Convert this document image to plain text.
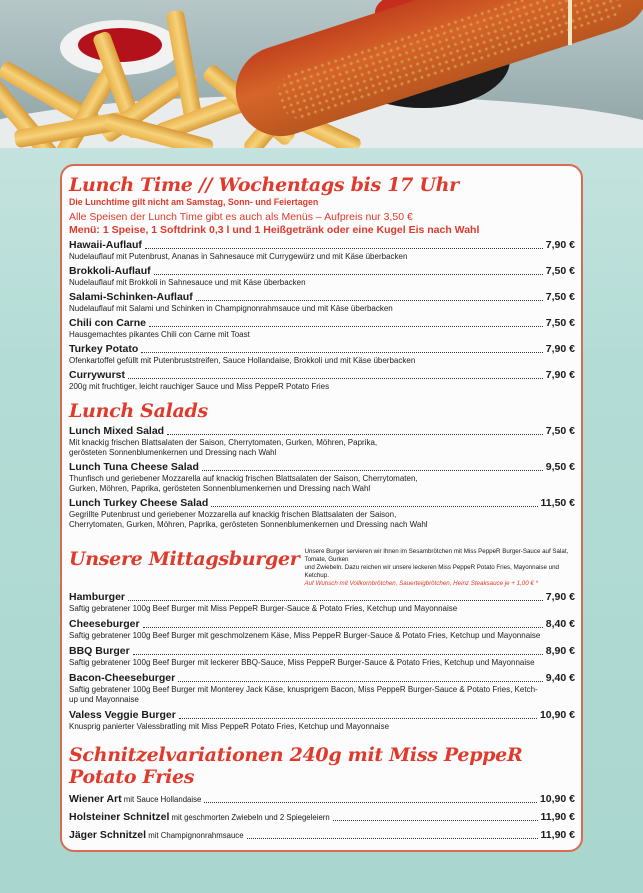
Lunch Time // Wochentags bis 17 Uhr
Die Lunchtime gilt nicht am Samstag, Sonn- und Feiertagen
Alle Speisen der Lunch Time gibt es auch als Menüs – Aufpreis nur 3,50 €
Menü: 1 Speise, 1 Softdrink 0,3 l und 1 Heißgetränk oder eine Kugel Eis nach Wahl
Hawaii-Auflauf	7,90 €
Nudelauflauf mit Putenbrust, Ananas in Sahnesauce mit Currygewürz und mit Käse überbacken
Brokkoli-Auflauf	7,50 €
Nudelauflauf mit Brokkoli in Sahnesauce und mit Käse überbacken
Salami-Schinken-Auflauf	7,50 €
Nudelauflauf mit Salami und Schinken in Champignonrahmsauce und mit Käse überbacken
Chili con Carne	7,50 €
Hausgemachtes pikantes Chili con Carne mit Toast
Turkey Potato	7,90 €
Ofenkartoffel gefüllt mit Putenbruststreifen, Sauce Hollandaise, Brokkoli und mit Käse überbacken
Currywurst	7,90 €
200g mit fruchtiger, leicht rauchiger Sauce und Miss PeppeR Potato Fries
Lunch Salads
Lunch Mixed Salad	7,50 €
Mit knackig frischen Blattsalaten der Saison, Cherrytomaten, Gurken, Möhren, Paprika,
gerösteten Sonnenblumenkernen und Dressing nach Wahl
Lunch Tuna Cheese Salad	9,50 €
Thunfisch und geriebener Mozzarella auf knackig frischen Blattsalaten der Saison, Cherrytomaten,
Gurken, Möhren, Paprika, gerösteten Sonnenblumenkernen und Dressing nach Wahl
Lunch Turkey Cheese Salad	11,50 €
Gegrillte Putenbrust und geriebener Mozzarella auf knackig frischen Blattsalaten der Saison,
Cherrytomaten, Gurken, Möhren, Paprika, gerösteten Sonnenblumenkernen und Dressing nach Wahl
Unsere Mittagsburger Unsere Burger servieren wir Ihnen im Sesambrötchen mit Miss PeppeR Burger-Sauce auf Salat, Tomate, Gurken
und Zwiebeln. Dazu reichen wir unsere leckeren Miss PeppeR Potato Fries, Mayonnaise und Ketchup.
Auf Wunsch mit Vollkornbrötchen, Sauerteigbrötchen, Heinz Steaksauce je + 1,00 € *
Hamburger	7,90 €
Saftig gebratener 100g Beef Burger mit Miss PeppeR Burger-Sauce & Potato Fries, Ketchup und Mayonnaise
Cheeseburger	8,40 €
Saftig gebratener 100g Beef Burger mit geschmolzenem Käse, Miss PeppeR Burger-Sauce & Potato Fries, Ketchup und Mayonnaise
BBQ Burger	8,90 €
Saftig gebratener 100g Beef Burger mit leckerer BBQ-Sauce, Miss PeppeR Burger-Sauce & Potato Fries, Ketchup und Mayonnaise
Bacon-Cheeseburger	9,40 €
Saftig gebratener 100g Beef Burger mit Monterey Jack Käse, knusprigem Bacon, Miss PeppeR Burger-Sauce & Potato Fries, Ketch-
up und Mayonnaise
Valess Veggie Burger	10,90 €
Knusprig panierter Valessbratling mit Miss PeppeR Potato Fries, Ketchup und Mayonnaise
Schnitzelvariationen 240g mit Miss PeppeR Potato Fries
Wiener Art mit Sauce Hollandaise	10,90 €
Holsteiner Schnitzel mit geschmorten Zwiebeln und 2 Spiegeleiern	11,90 €
Jäger Schnitzel mit Champignonrahmsauce	11,90 €
